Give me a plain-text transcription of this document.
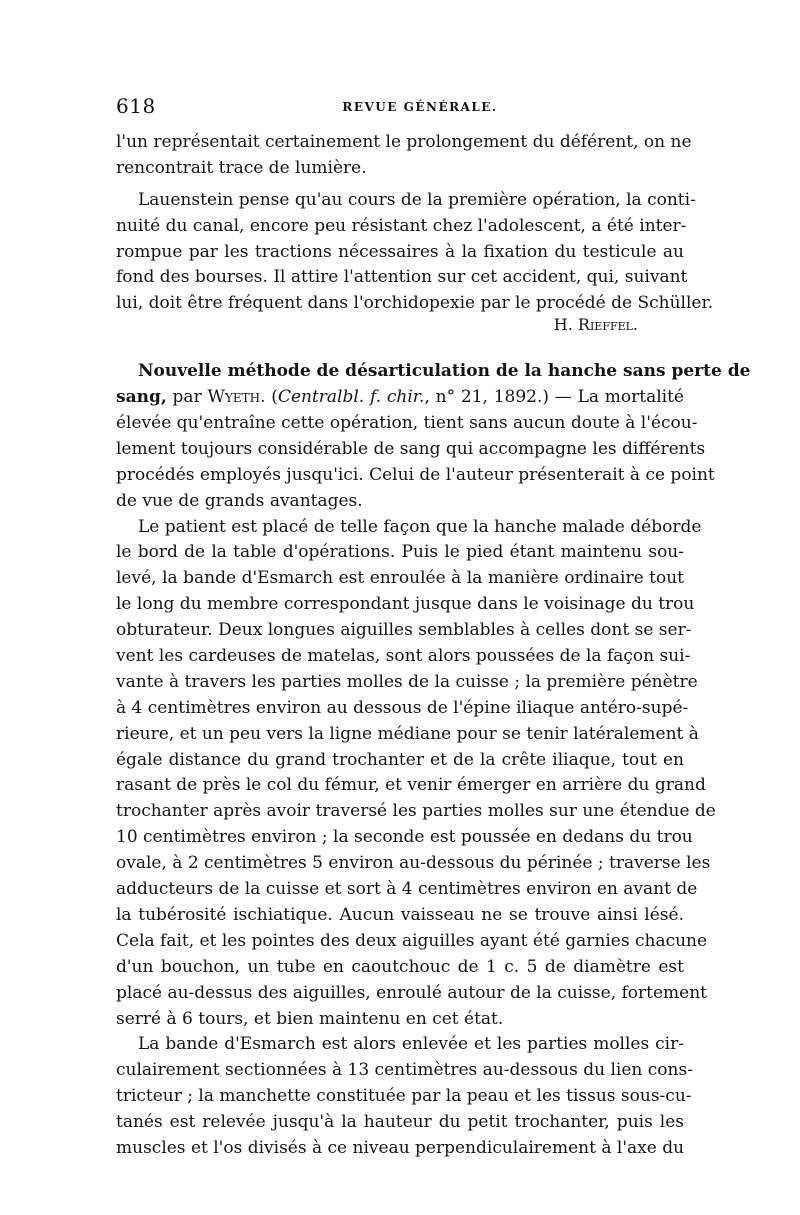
618	REVUE GÉNÉRALE.
l'un représentait certainement le prolongement du déférent, on ne
rencontrait trace de lumière.
Lauenstein pense qu'au cours de la première opération, la conti-
nuité du canal, encore peu résistant chez l'adolescent, a été inter-
rompue par les tractions nécessaires à la fixation du testicule au
fond des bourses. Il attire l'attention sur cet accident, qui, suivant
lui, doit être fréquent dans l'orchidopexie par le procédé de Schüller.
H. Rieffel.
Nouvelle méthode de désarticulation de la hanche sans perte de
sang, par Wyeth. (Centralbl. f. chir., n° 21, 1892.) — La mortalité
élevée qu'entraîne cette opération, tient sans aucun doute à l'écou-
lement toujours considérable de sang qui accompagne les différents
procédés employés jusqu'ici. Celui de l'auteur présenterait à ce point
de vue de grands avantages.
Le patient est placé de telle façon que la hanche malade déborde
le bord de la table d'opérations. Puis le pied étant maintenu sou-
levé, la bande d'Esmarch est enroulée à la manière ordinaire tout
le long du membre correspondant jusque dans le voisinage du trou
obturateur. Deux longues aiguilles semblables à celles dont se ser-
vent les cardeuses de matelas, sont alors poussées de la façon sui-
vante à travers les parties molles de la cuisse ; la première pénètre
à 4 centimètres environ au dessous de l'épine iliaque antéro-supé-
rieure, et un peu vers la ligne médiane pour se tenir latéralement à
égale distance du grand trochanter et de la crête iliaque, tout en
rasant de près le col du fémur, et venir émerger en arrière du grand
trochanter après avoir traversé les parties molles sur une étendue de
10 centimètres environ ; la seconde est poussée en dedans du trou
ovale, à 2 centimètres 5 environ au-dessous du périnée ; traverse les
adducteurs de la cuisse et sort à 4 centimètres environ en avant de
la tubérosité ischiatique. Aucun vaisseau ne se trouve ainsi lésé.
Cela fait, et les pointes des deux aiguilles ayant été garnies chacune
d'un bouchon, un tube en caoutchouc de 1 c. 5 de diamètre est
placé au-dessus des aiguilles, enroulé autour de la cuisse, fortement
serré à 6 tours, et bien maintenu en cet état.
La bande d'Esmarch est alors enlevée et les parties molles cir-
culairement sectionnées à 13 centimètres au-dessous du lien cons-
tricteur ; la manchette constituée par la peau et les tissus sous-cu-
tanés est relevée jusqu'à la hauteur du petit trochanter, puis les
muscles et l'os divisés à ce niveau perpendiculairement à l'axe du
